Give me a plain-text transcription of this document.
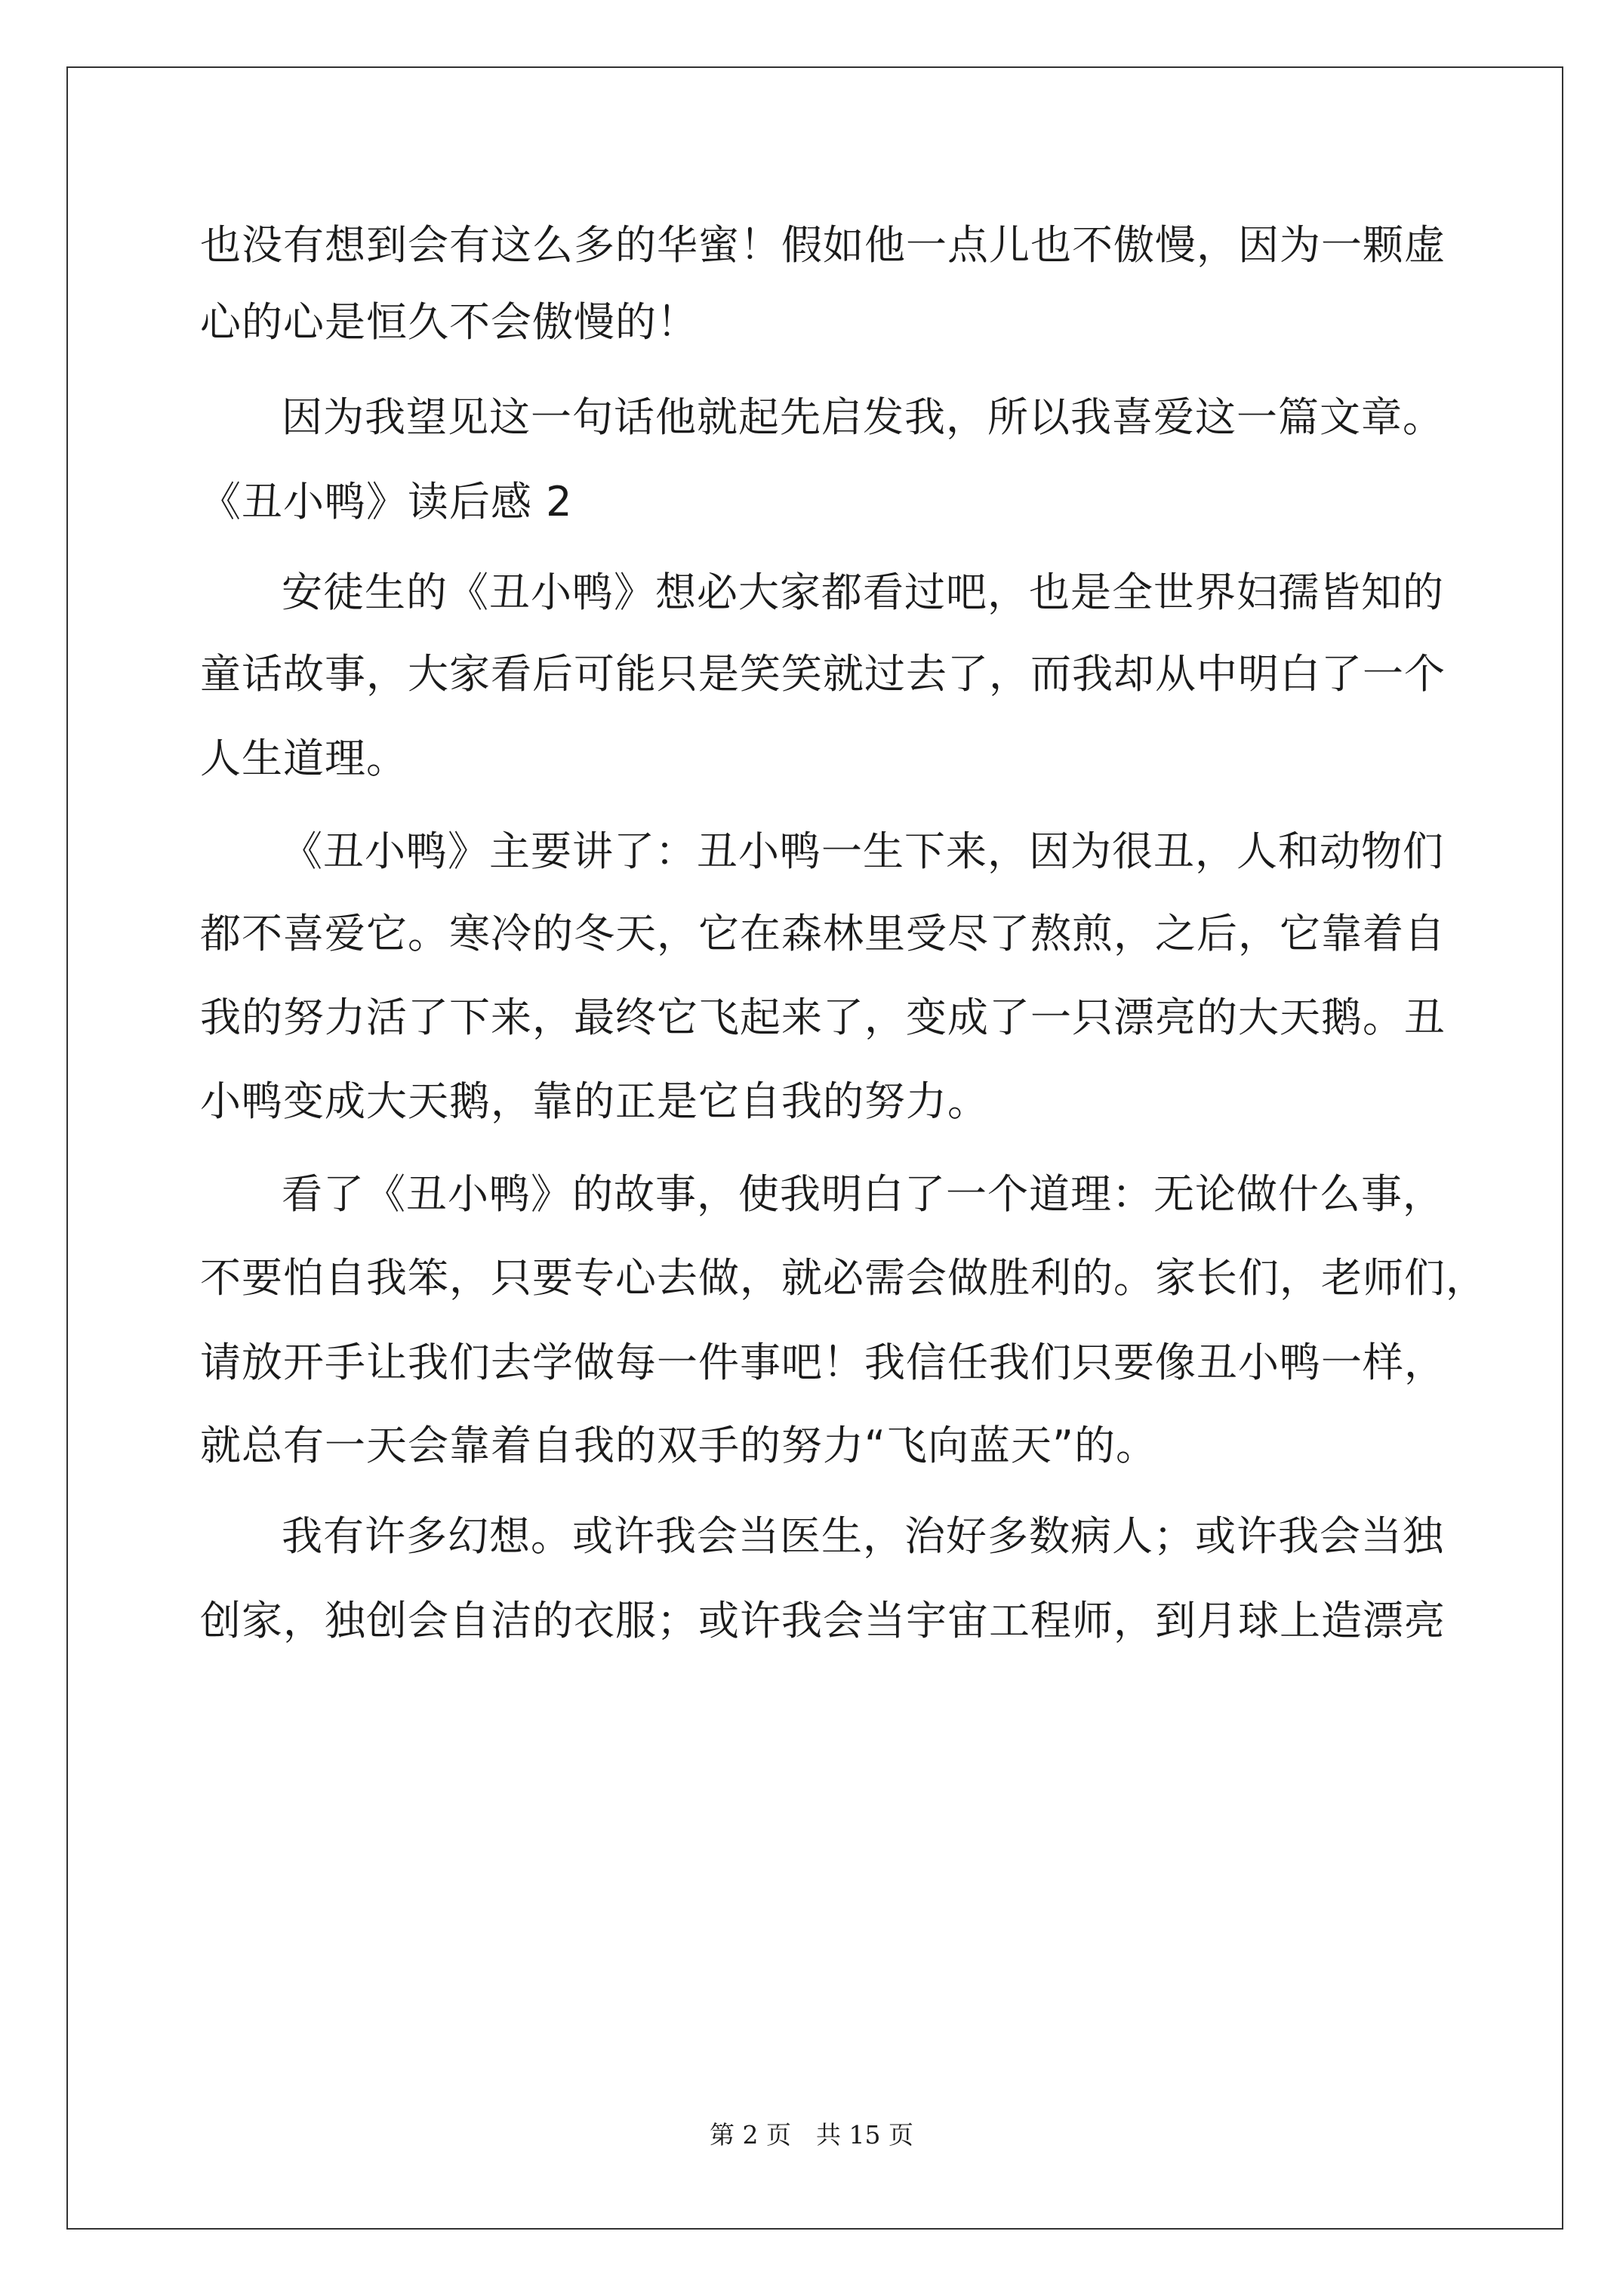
也没有想到会有这么多的华蜜！假如他一点儿也不傲慢，因为一颗虚
心的心是恒久不会傲慢的！
因为我望见这一句话他就起先启发我，所以我喜爱这一篇文章。
《丑小鸭》读后感 2
安徒生的《丑小鸭》想必大家都看过吧，也是全世界妇孺皆知的
童话故事，大家看后可能只是笑笑就过去了，而我却从中明白了一个
人生道理。
《丑小鸭》主要讲了：丑小鸭一生下来，因为很丑，人和动物们
都不喜爱它。寒冷的冬天，它在森林里受尽了熬煎，之后，它靠着自
我的努力活了下来，最终它飞起来了，变成了一只漂亮的大天鹅。丑
小鸭变成大天鹅，靠的正是它自我的努力。
看了《丑小鸭》的故事，使我明白了一个道理：无论做什么事，
不要怕自我笨，只要专心去做，就必需会做胜利的。家长们，老师们，
请放开手让我们去学做每一件事吧！我信任我们只要像丑小鸭一样，
就总有一天会靠着自我的双手的努力“飞向蓝天”的。
我有许多幻想。或许我会当医生，治好多数病人；或许我会当独
创家，独创会自洁的衣服；或许我会当宇宙工程师，到月球上造漂亮
第 2 页　共 15 页
